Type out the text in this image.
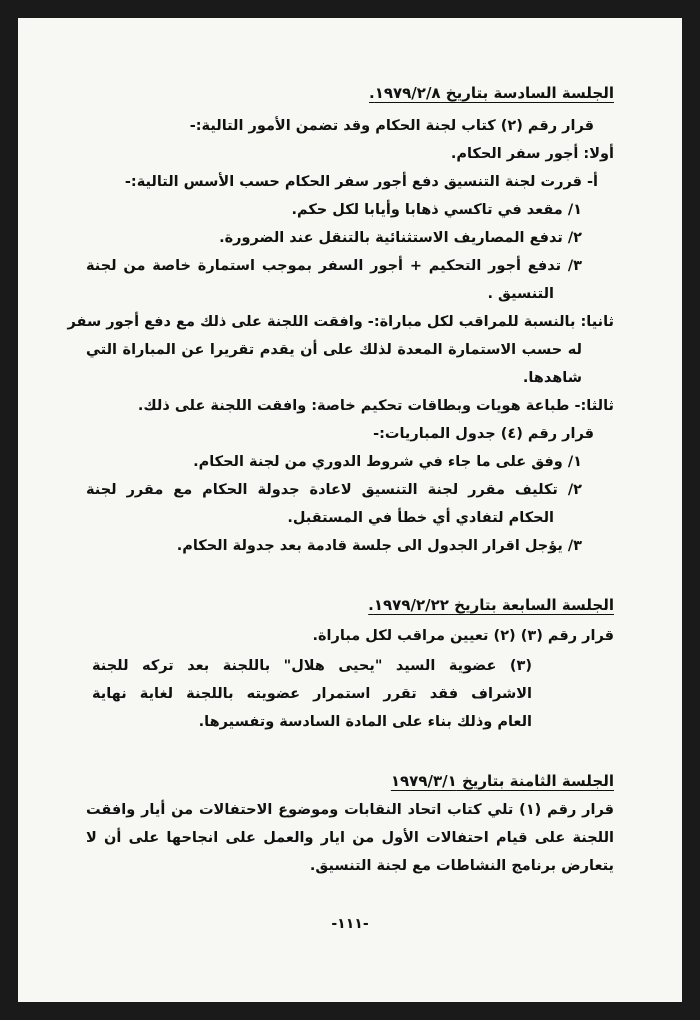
الجلسة السادسة بتاريخ ١٩٧٩/٢/٨.
قرار رقم (٢) كتاب لجنة الحكام وقد تضمن الأمور التالية:-
أولا: أجور سفر الحكام.
أ- قررت لجنة التنسيق دفع أجور سفر الحكام حسب الأسس التالية:-
١/ مقعد في تاكسي ذهابا وأيابا لكل حكم.
٢/ تدفع المصاريف الاستثنائية بالتنقل عند الضرورة.
٣/ تدفع أجور التحكيم + أجور السفر بموجب استمارة خاصة من لجنة
التنسيق .
ثانيا: بالنسبة للمراقب لكل مباراة:- وافقت اللجنة على ذلك مع دفع أجور سفر
له حسب الاستمارة المعدة لذلك على أن يقدم تقريرا عن المباراة التي
شاهدها.
ثالثا:- طباعة هويات وبطاقات تحكيم خاصة: وافقت اللجنة على ذلك.
قرار رقم (٤) جدول المباريات:-
١/ وفق على ما جاء في شروط الدوري من لجنة الحكام.
٢/ تكليف مقرر لجنة التنسيق لاعادة جدولة الحكام مع مقرر لجنة
الحكام لتفادي أي خطأ في المستقبل.
٣/ يؤجل اقرار الجدول الى جلسة قادمة بعد جدولة الحكام.
الجلسة السابعة بتاريخ ١٩٧٩/٢/٢٢.
قرار رقم (٣) (٢) تعيين مراقب لكل مباراة.
(٣) عضوية السيد "يحيى هلال" باللجنة بعد تركه للجنة
الاشراف فقد تقرر استمرار عضويته باللجنة لغاية نهاية
العام وذلك بناء على المادة السادسة وتفسيرها.
الجلسة الثامنة بتاريخ ١٩٧٩/٣/١
قرار رقم (١) تلي كتاب اتحاد النقابات وموضوع الاحتفالات من أيار وافقت
اللجنة على قيام احتفالات الأول من ايار والعمل على انجاحها على أن لا
يتعارض برنامج النشاطات مع لجنة التنسيق.
-١١١-
